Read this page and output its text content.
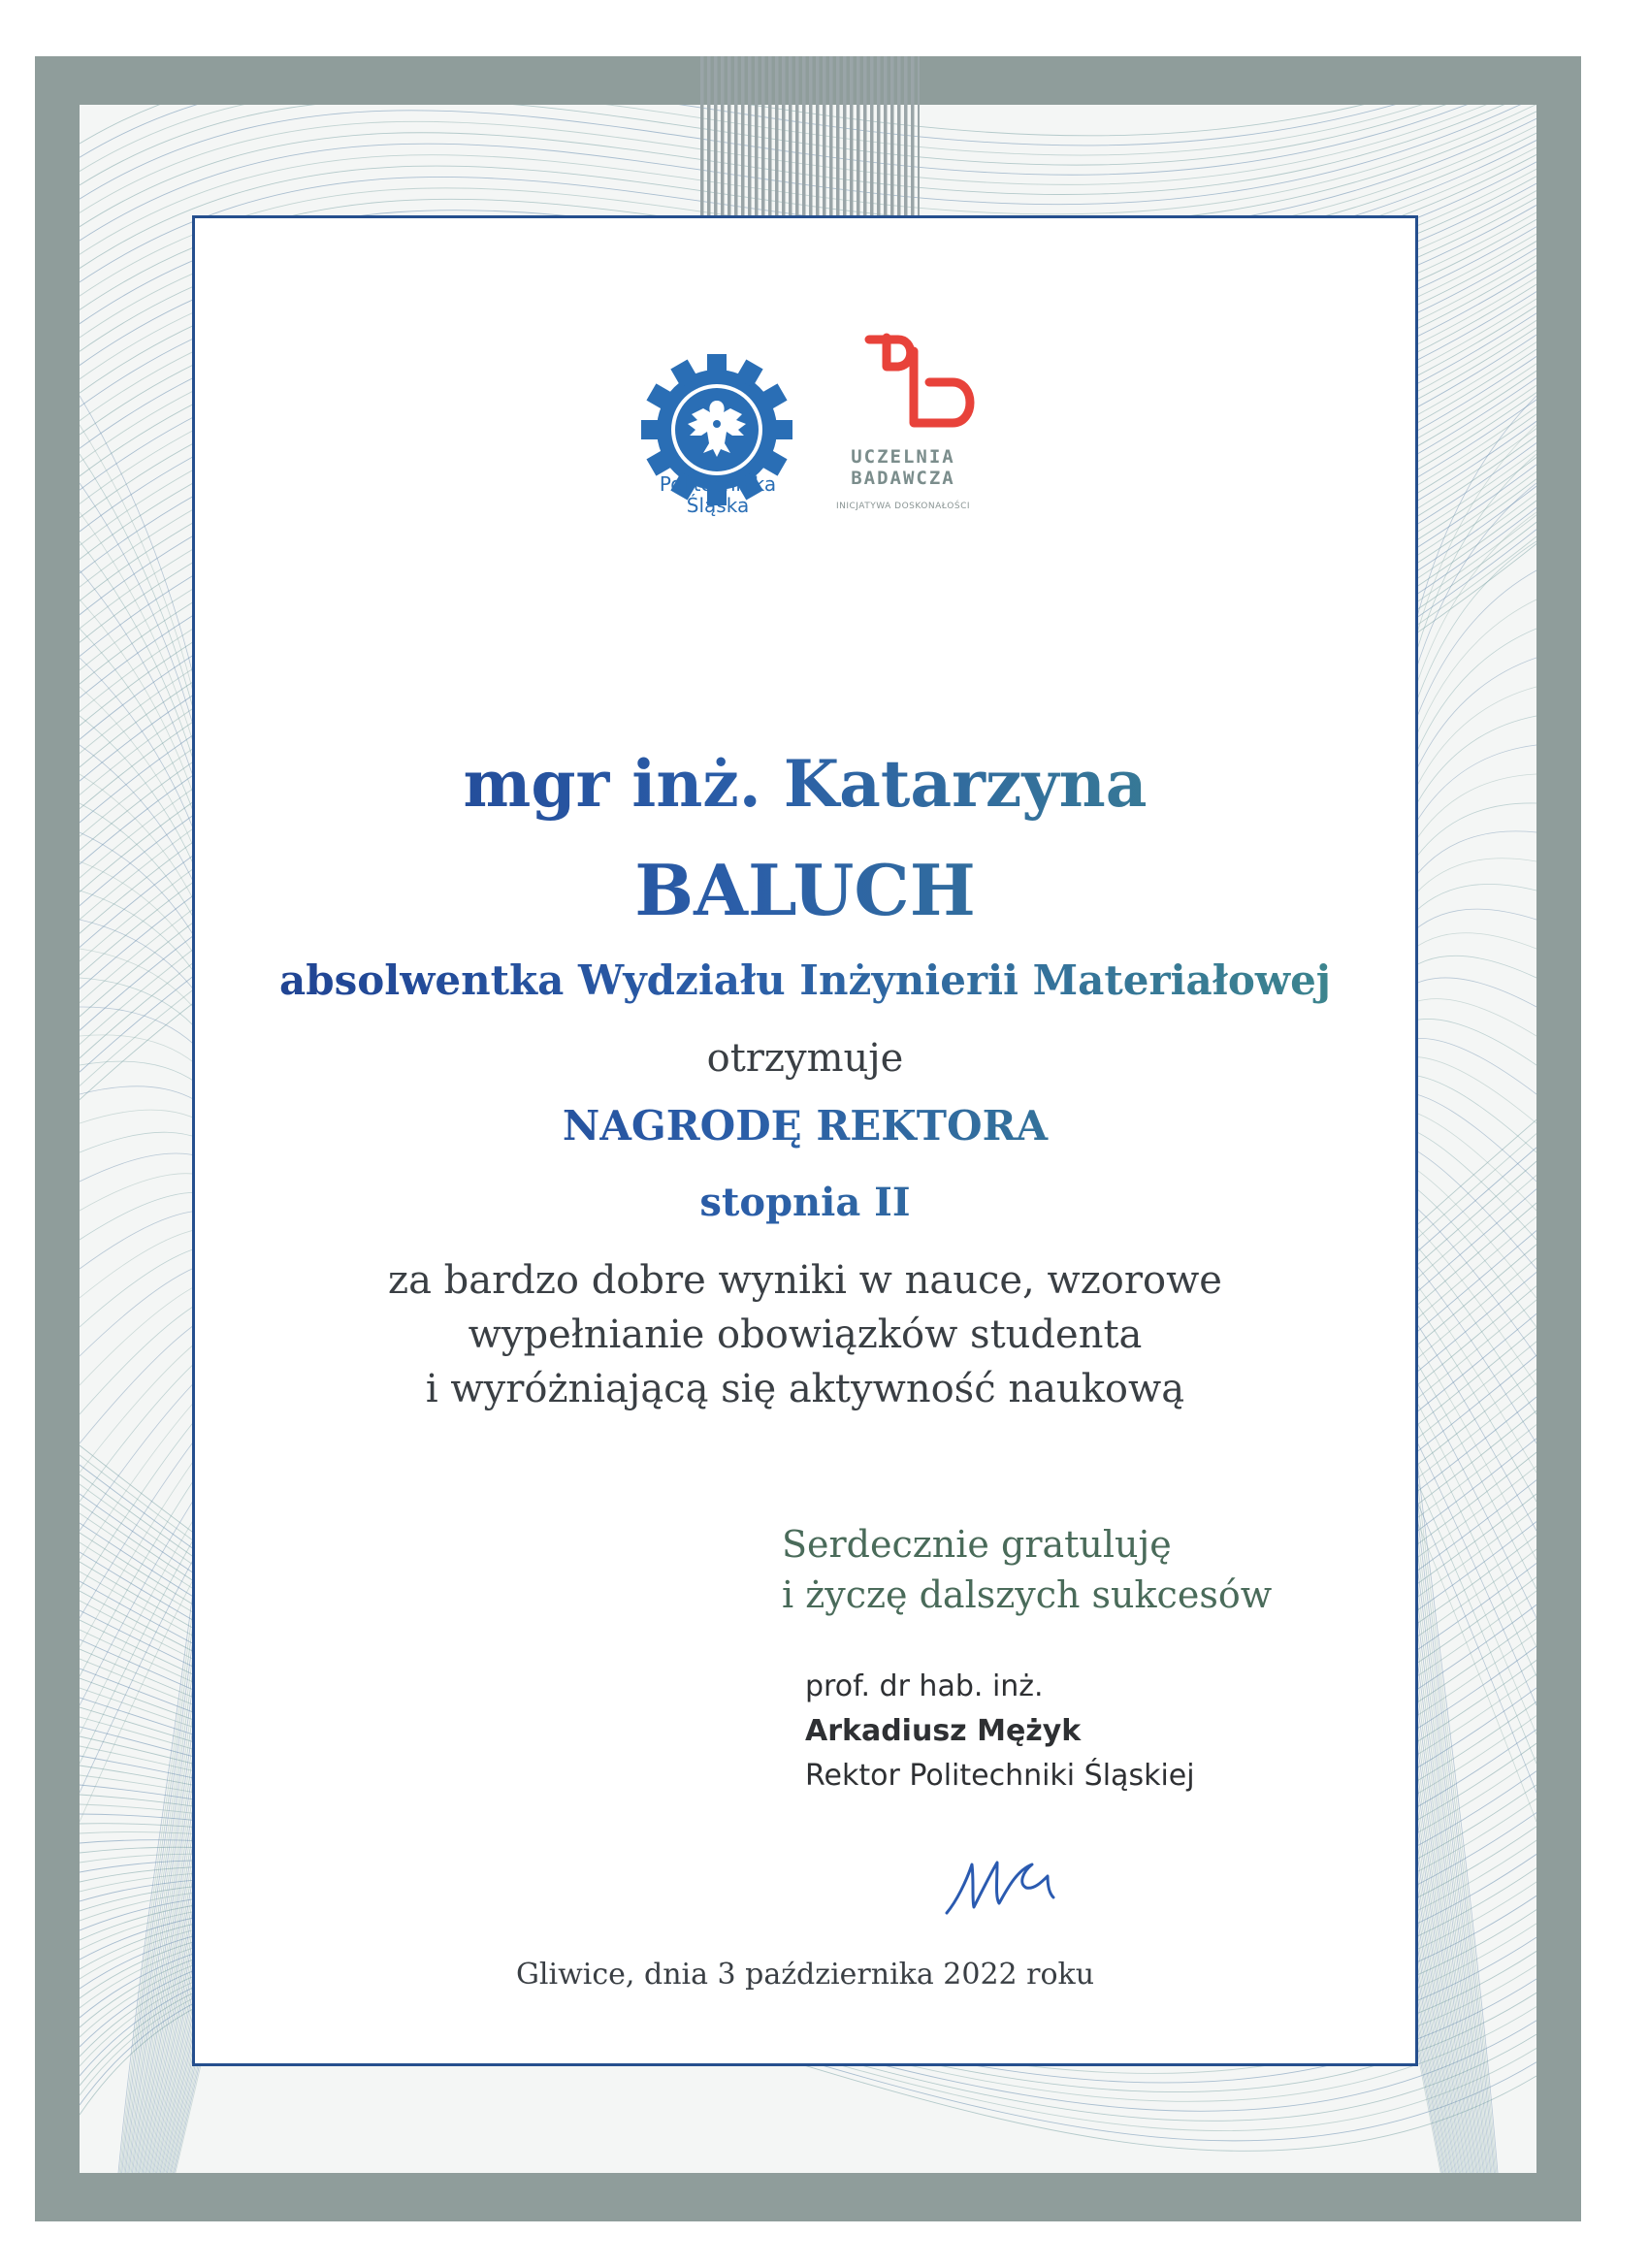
Politechnika
Śląska
UCZELNIA
BADAWCZA
INICJATYWA DOSKONAŁOŚCI
mgr inż. Katarzyna
BALUCH
absolwentka Wydziału Inżynierii Materiałowej
otrzymuje
NAGRODĘ REKTORA
stopnia II
za bardzo dobre wyniki w nauce, wzorowe
wypełnianie obowiązków studenta
i wyróżniającą się aktywność naukową
Serdecznie gratuluję
i życzę dalszych sukcesów
prof. dr hab. inż.
Arkadiusz Mężyk
Rektor Politechniki Śląskiej
Gliwice, dnia 3 października 2022 roku
